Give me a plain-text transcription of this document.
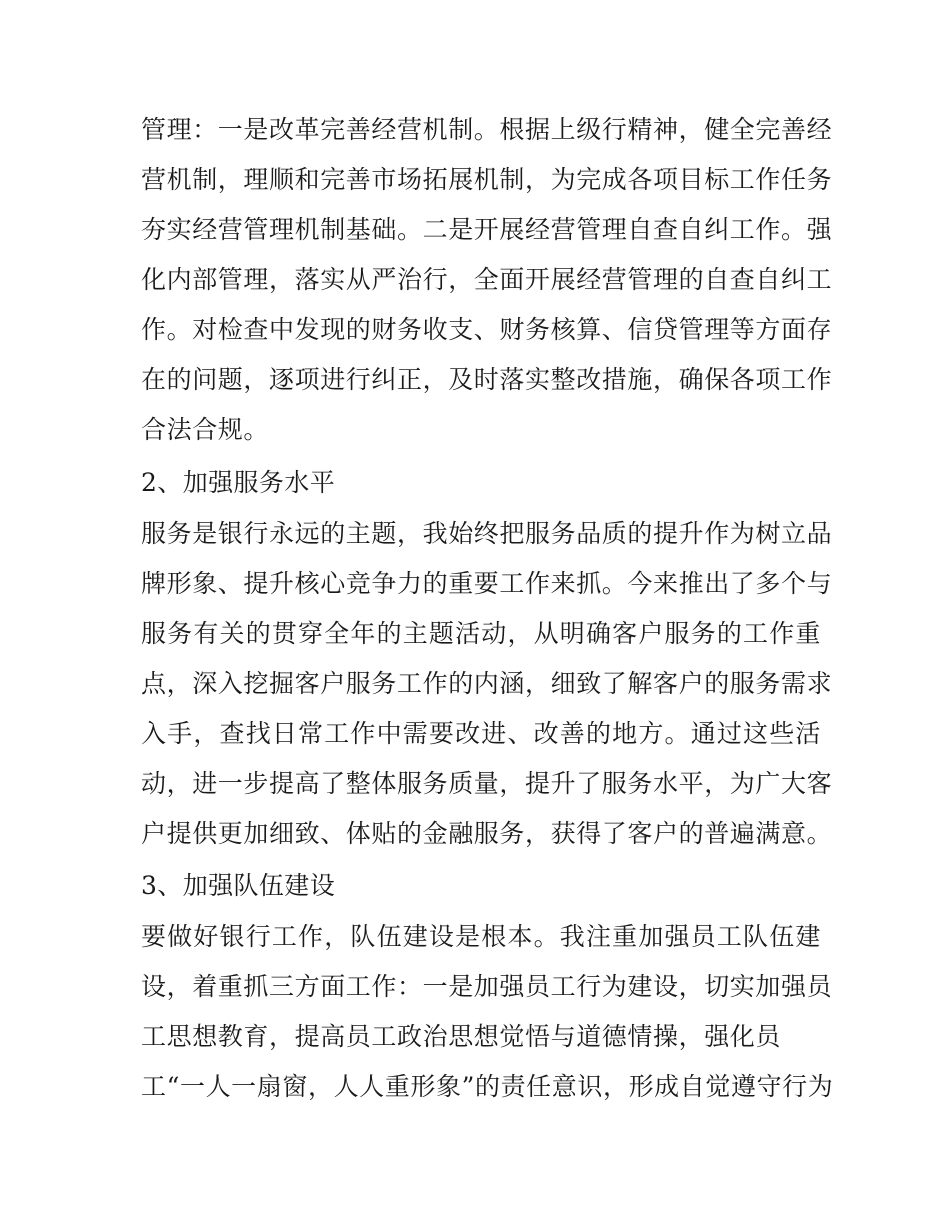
管理：一是改革完善经营机制。根据上级行精神，健全完善经
营机制，理顺和完善市场拓展机制，为完成各项目标工作任务
夯实经营管理机制基础。二是开展经营管理自查自纠工作。强
化内部管理，落实从严治行，全面开展经营管理的自查自纠工
作。对检查中发现的财务收支、财务核算、信贷管理等方面存
在的问题，逐项进行纠正，及时落实整改措施，确保各项工作
合法合规。
2、加强服务水平
服务是银行永远的主题，我始终把服务品质的提升作为树立品
牌形象、提升核心竞争力的重要工作来抓。今来推出了多个与
服务有关的贯穿全年的主题活动，从明确客户服务的工作重
点，深入挖掘客户服务工作的内涵，细致了解客户的服务需求
入手，查找日常工作中需要改进、改善的地方。通过这些活
动，进一步提高了整体服务质量，提升了服务水平，为广大客
户提供更加细致、体贴的金融服务，获得了客户的普遍满意。
3、加强队伍建设
要做好银行工作，队伍建设是根本。我注重加强员工队伍建
设，着重抓三方面工作：一是加强员工行为建设，切实加强员
工思想教育，提高员工政治思想觉悟与道德情操，强化员
工“一人一扇窗，人人重形象”的责任意识，形成自觉遵守行为
